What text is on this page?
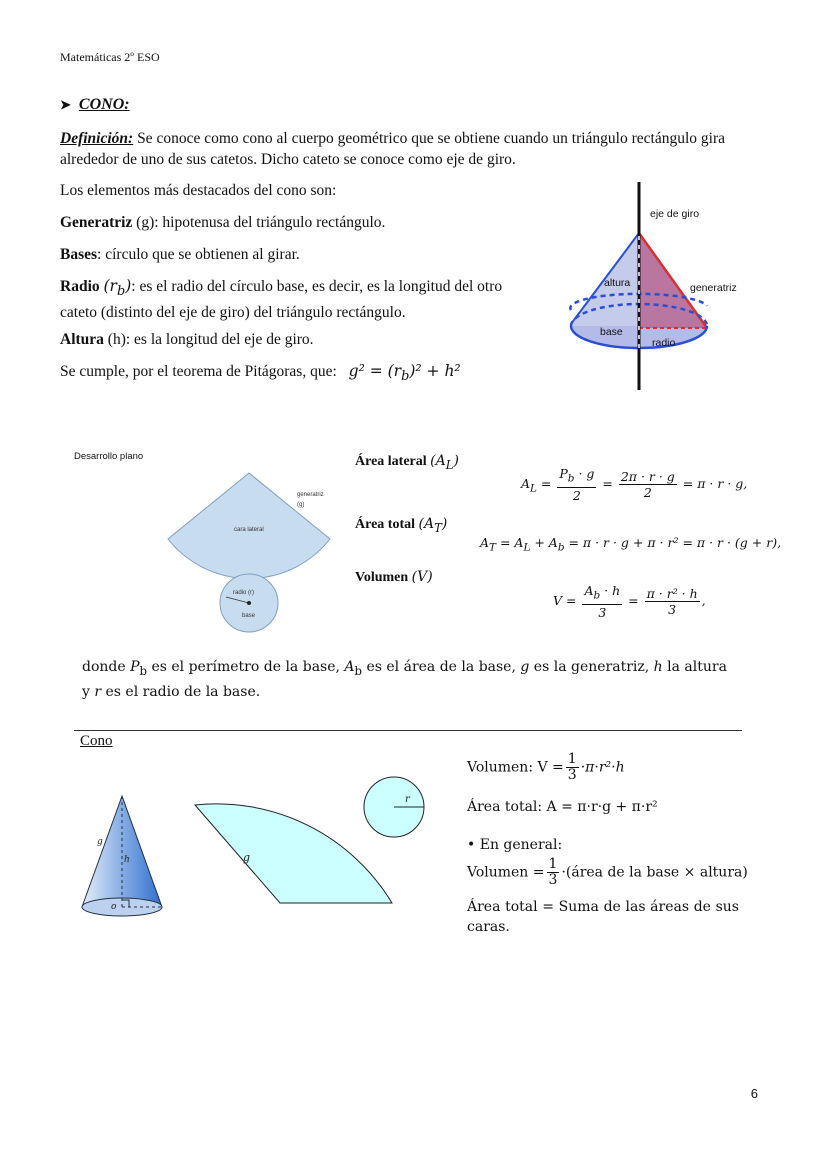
Matemáticas 2º ESO
➤ CONO:
Definición: Se conoce como cono al cuerpo geométrico que se obtiene cuando un triángulo rectángulo gira alrededor de uno de sus catetos. Dicho cateto se conoce como eje de giro.
Los elementos más destacados del cono son:
Generatriz (g): hipotenusa del triángulo rectángulo.
Bases: círculo que se obtienen al girar.
Radio $(r_b)$: es el radio del círculo base, es decir, es la longitud del otro cateto (distinto del eje de giro) del triángulo rectángulo.
Altura (h): es la longitud del eje de giro.
Se cumple, por el teorema de Pitágoras, que: $g^2 = (r_b)^2 + h^2$
eje de giro
altura	generatriz
base
radio
Desarrollo plano
generatriz
(g)
cara lateral
radio (r)
base
Área lateral $(A_L)$
Área total $(A_T)$
Volumen (V)
$A_L = \frac{P_b \cdot g}{2} = \frac{2\pi \cdot r \cdot g}{2} = \pi \cdot r \cdot g$,
$A_T = A_L + A_b = \pi \cdot r \cdot g + \pi \cdot r^2 = \pi \cdot r \cdot (g + r)$,
$V = \frac{A_b \cdot h}{3} = \frac{\text{π · r² · h}}{3}$ ,
donde $P_b$ es el perímetro de la base, $A_b$ es el área de la base, g es la generatriz, h la altura
y r es el radio de la base.
Cono
g
h
o
g
r
Volumen: $V = \frac{1}{3} \cdot\pi\cdot r^2\cdot h$
Área total: A = π·r·g + π·r²
• En general:
Volumen = $\frac{1}{3}$ ·(área de la base × altura)
Área total = Suma de las áreas de sus caras.
6
